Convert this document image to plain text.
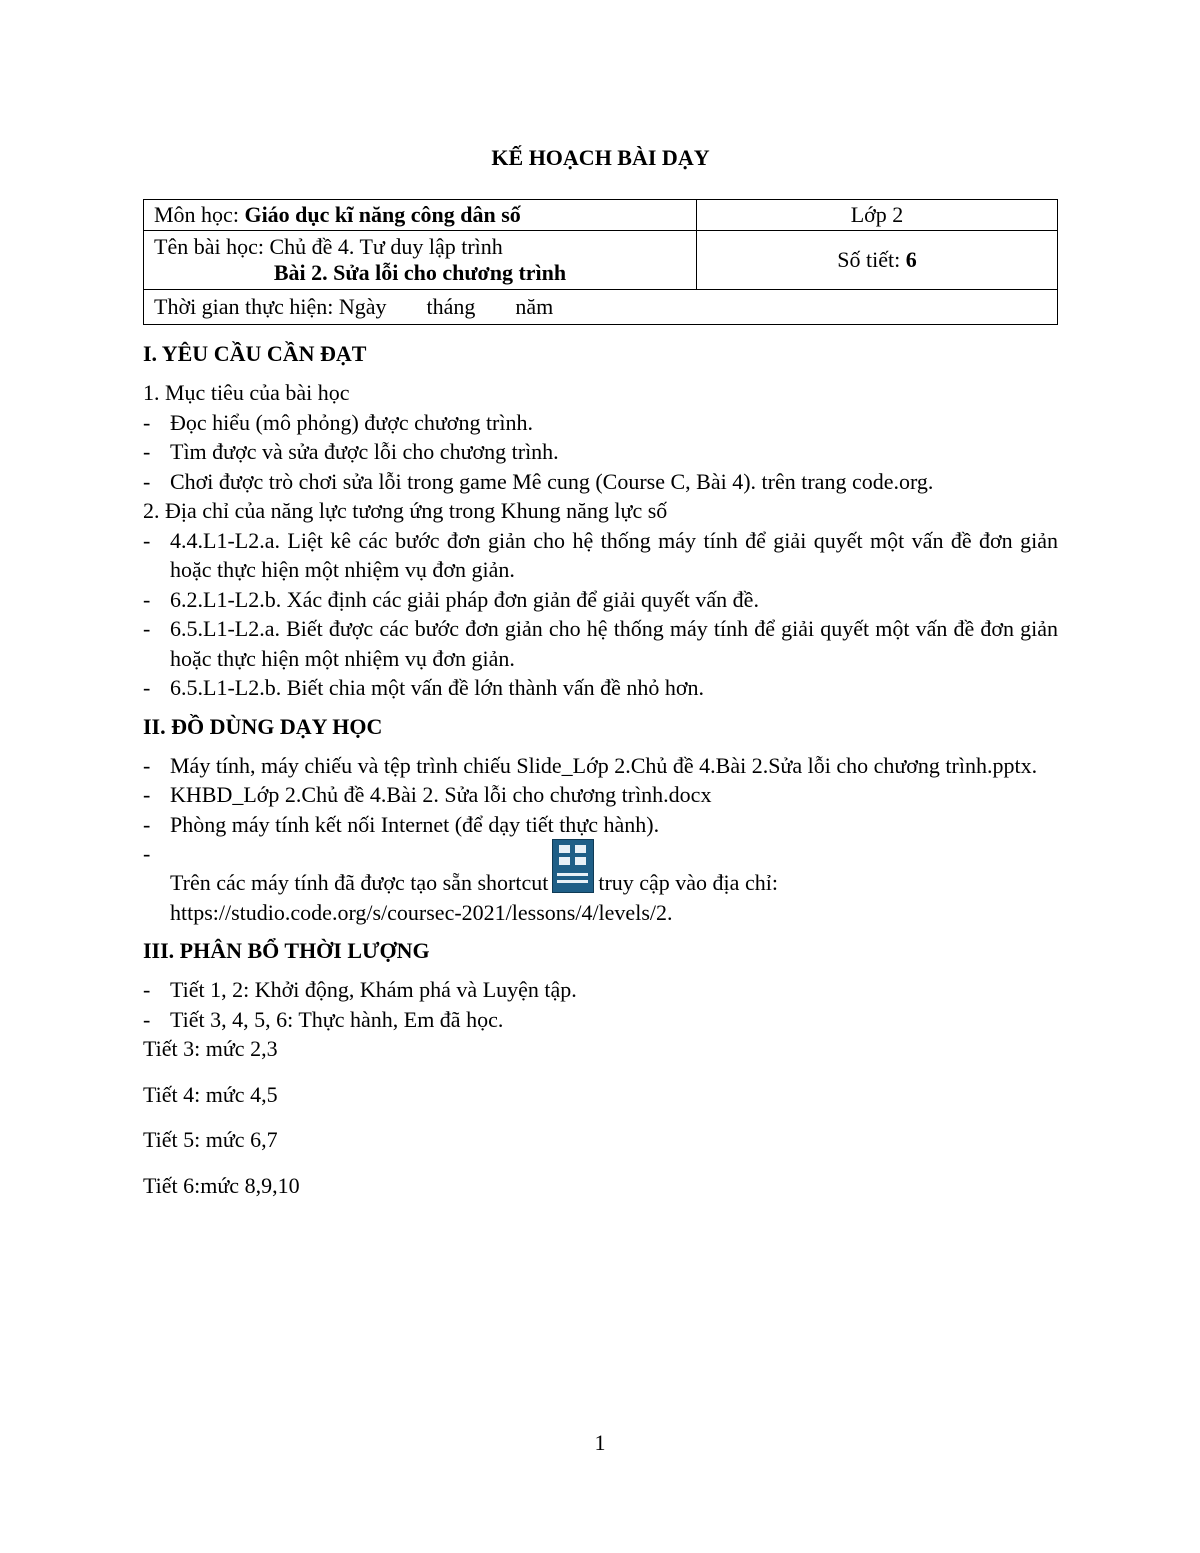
KẾ HOẠCH BÀI DẠY
Môn học: Giáo dục kĩ năng công dân số	Lớp 2

Tên bài học: Chủ đề 4. Tư duy lập trình
Bài 2. Sửa lỗi cho chương trình	Số tiết: 6
Thời gian thực hiện: Ngày tháng năm	
I. YÊU CẦU CẦN ĐẠT

1. Mục tiêu của bài học

- Đọc hiểu (mô phỏng) được chương trình.
- Tìm được và sửa được lỗi cho chương trình.
- Chơi được trò chơi sửa lỗi trong game Mê cung (Course C, Bài 4). trên trang code.org.

2. Địa chỉ của năng lực tương ứng trong Khung năng lực số

- 4.4.L1-L2.a. Liệt kê các bước đơn giản cho hệ thống máy tính để giải quyết một vấn đề đơn giản hoặc thực hiện một nhiệm vụ đơn giản.
- 6.2.L1-L2.b. Xác định các giải pháp đơn giản để giải quyết vấn đề.
- 6.5.L1-L2.a. Biết được các bước đơn giản cho hệ thống máy tính để giải quyết một vấn đề đơn giản hoặc thực hiện một nhiệm vụ đơn giản.
- 6.5.L1-L2.b. Biết chia một vấn đề lớn thành vấn đề nhỏ hơn.
II. ĐỒ DÙNG DẠY HỌC
- Máy tính, máy chiếu và tệp trình chiếu Slide_Lớp 2.Chủ đề 4.Bài 2.Sửa lỗi cho chương trình.pptx.
- KHBD_Lớp 2.Chủ đề 4.Bài 2. Sửa lỗi cho chương trình.docx
- Phòng máy tính kết nối Internet (để dạy tiết thực hành).
- Trên các máy tính đã được tạo sẵn shortcut truy cập vào địa chỉ:
https://studio.code.org/s/coursec-2021/lessons/4/levels/2.
III. PHÂN BỔ THỜI LƯỢNG
- Tiết 1, 2: Khởi động, Khám phá và Luyện tập.
- Tiết 3, 4, 5, 6: Thực hành, Em đã học.

Tiết 3: mức 2,3

Tiết 4: mức 4,5

Tiết 5: mức 6,7

Tiết 6:mức 8,9,10

1
